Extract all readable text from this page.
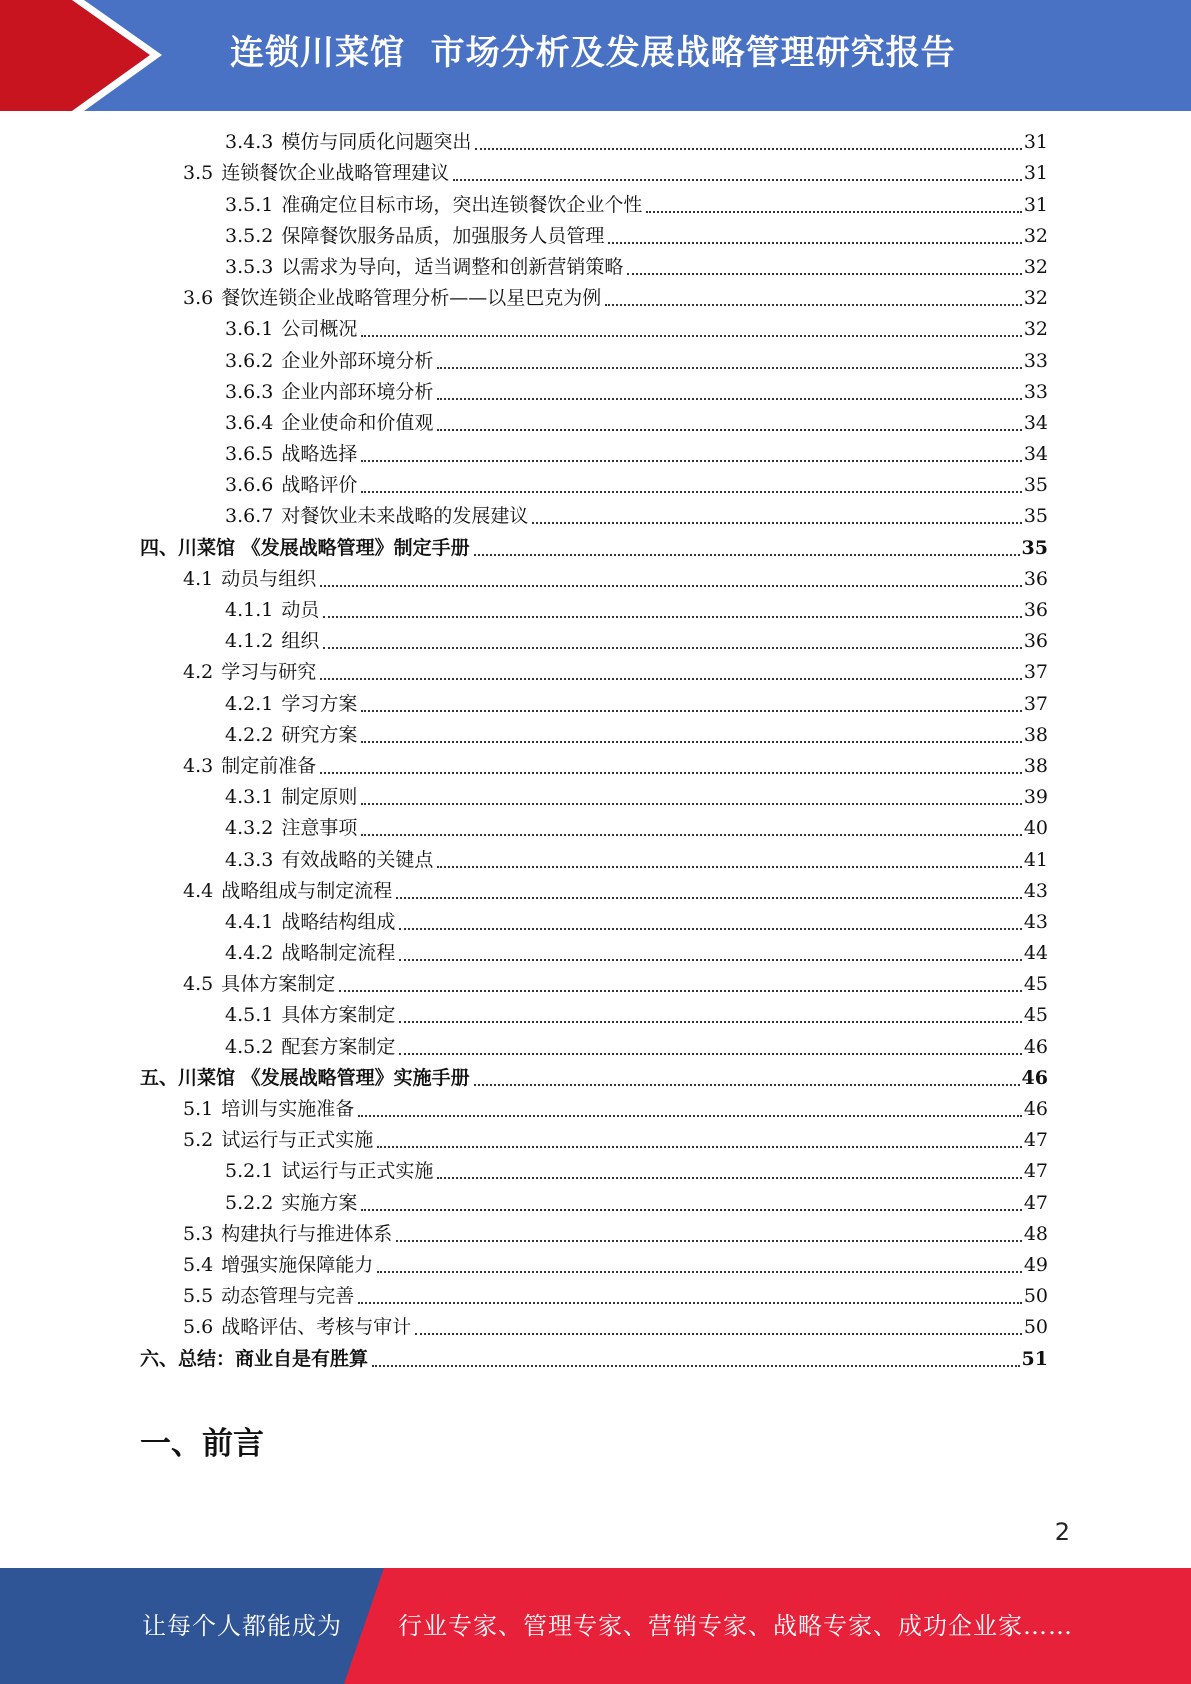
连锁川菜馆  市场分析及发展战略管理研究报告
3.4.3 模仿与同质化问题突出	31
3.5 连锁餐饮企业战略管理建议	31
3.5.1 准确定位目标市场，突出连锁餐饮企业个性	31
3.5.2 保障餐饮服务品质，加强服务人员管理	32
3.5.3 以需求为导向，适当调整和创新营销策略	32
3.6 餐饮连锁企业战略管理分析——以星巴克为例	32
3.6.1 公司概况	32
3.6.2 企业外部环境分析	33
3.6.3 企业内部环境分析	33
3.6.4 企业使命和价值观	34
3.6.5 战略选择	34
3.6.6 战略评价	35
3.6.7 对餐饮业未来战略的发展建议	35
四、川菜馆 《发展战略管理》制定手册	35
4.1 动员与组织	36
4.1.1 动员	36
4.1.2 组织	36
4.2 学习与研究	37
4.2.1 学习方案	37
4.2.2 研究方案	38
4.3 制定前准备	38
4.3.1 制定原则	39
4.3.2 注意事项	40
4.3.3 有效战略的关键点	41
4.4 战略组成与制定流程	43
4.4.1 战略结构组成	43
4.4.2 战略制定流程	44
4.5 具体方案制定	45
4.5.1 具体方案制定	45
4.5.2 配套方案制定	46
五、川菜馆 《发展战略管理》实施手册	46
5.1 培训与实施准备	46
5.2 试运行与正式实施	47
5.2.1 试运行与正式实施	47
5.2.2 实施方案	47
5.3 构建执行与推进体系	48
5.4 增强实施保障能力	49
5.5 动态管理与完善	50
5.6 战略评估、考核与审计	50
六、总结：商业自是有胜算	51
一、前言
2
让每个人都能成为 行业专家、管理专家、营销专家、战略专家、成功企业家……
